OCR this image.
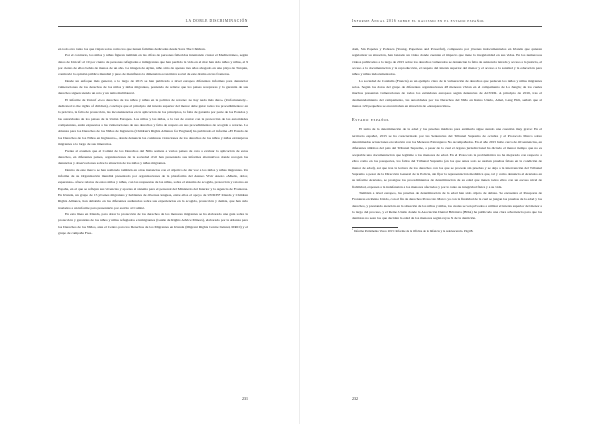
LA DOBLE DISCRIMINACIÓN

en todo otro tanto los que viajan solos como los que tienen familias dedicadas desde Save The Children.

Por el contrario, los niños y niñas figuran también en las cifras de personas fallecidas intentando cruzar el Mediterráneo, según datos de Unicef: el 19 por ciento de personas refugiadas e inmigrantes que han perdido la vida en el mar han sido niños y niñas, el 9 por ciento de ellos bebés de menos de un año. La imagen de Aylan, niño sirio de apenas tres años ahogado en una playa de Turquía, conmovió la opinión pública mundial y puso de manifiesto la dimensión económica social de este drama en las fronteras.

Desde un enfoque más general, a lo largo de 2015 se han publicado a nivel europeo diferentes informes para denunciar vulneraciones de los derechos de los niños y niñas migrantes, poniendo de relieve que los países receptores y la garantía de sus derechos siguen siendo un reto y un tema multilateral.

El informe de Unicef «Los derechos de los niños y niñas en la política de retorno: no hay nada más duro» (Unfortunately... dedicated to the rights of children), concluye que el principio del interés superior del menor debe guiar todos los procedimientos: en la práctica, la falta de protección, las inconsistencias en la aplicación de los principios, la falta de garantía por parte de los Estados y las autoridades de los países de la Unión Europea. Los niños y las niñas, a la vez de contar con la protección de las autoridades competentes, están expuestos a las vulneraciones de sus derechos y falta de respeto en sus procedimientos de acogida o retorno. La Alianza para los Derechos de los Niños de Inglaterra (Children's Rights Alliance for England) ha publicado el informe «El Estado de los Derechos de los Niños en Inglaterra», donde denuncia las continuas violaciones de los derechos de los niños y niñas extranjeros migrantes a lo largo de sus itinerarios.

Frente al examen que el Comité de los Derechos del Niño somete a varios países de cara a evaluar la aplicación de estos derechos, en diferentes países, organizaciones de la sociedad civil han presentado sus informes alternativos donde recogen las denuncias y observaciones sobre la situación de los niños y niñas migrantes.

Dentro de este marco se han realizado también en otras instancias con el objetivo de dar voz a los niños y niñas migrantes. Un informe de su Organización mundial presentado por organizaciones de la plataforma del Ateneo Vivir Anexo «Miedo, dolor, esperanza» ofrece relatos de estos niños y niñas, con las respuestas de las niñas, sobre el sistema de acogida, protección y retorno en España, en el que se reflejan sus vivencias y aportes al sistema para el personal del Ministerio del Interior y la Agencia de Fronteras. En Irlanda, un grupo de 15 jóvenes migrantes y hablantes de diversas lenguas, entre ellos el apoyo de UNICEF Irlanda y Children Rights Alliance, han debatido en las diferentes audiencias sobre sus experiencias en la acogida, protección y demás, que han sido traslados a un informe para presentarlo por escrito al Comité.

En esta línea en Irlanda, para dotar la protección de los derechos de los menores migrantes se ha elaborado una guía sobre la protección y garantías de los niños y niñas refugiados e inmigrantes (Guide de Rights Advice Minors), elaborado por la Alianza para los Derechos de los Niños, ante el Centro para los Derechos de los Migrantes en Irlanda (Migrant Rights Centre Ireland, MRCI) y el grupo de campaña Free-

231
Informe Anual 2016 sobre el racismo en el estado español

dom, Sin Papeles y Pobreza (Young, Paperless and Powerful), compuesto por jóvenes indocumentados en Irlanda que quieren regularizar su situación, han lanzado un vídeo donde cuentan el impacto que tiene la irregularidad en sus vidas. En los numerosos vídeos publicados a lo largo de 2015 sobre los derechos vulnerados se denuncian la falta de asistencia letrada y acceso a la justicia, el acceso a la documentación y la reproducción, el respeto del interés superior del menor y el acceso a la sanidad y la educación para niños y niñas indocumentados.

La sociedad de Cataluña (Francia) es un ejemplo claro de la vulneración de derechos que padecen los niños y niñas migrantes solos. Según los datos del grupo de diferentes organizaciones 48 menores vivían en el campamento de La Jungla; de los cuales muchos presentan vulneraciones de todos los estándares europeos según denuncias de ACNUR. A principio de 2016, tras el desmantelamiento del campamento, las autoridades por los Derechos del Niño en Reino Unido, Amal, Lang Ehli, señaló que al menos 129 pequeños se encontraban en situación de «desaparecidos».

Estado español

El tema de la determinación de la edad y las pruebas médicas para estimarla sigue siendo una cuestión muy grave: En el territorio español, 2015 se ha caracterizado por las Sentencias del Tribunal Supremo de octubre y el Protocolo Marco sobre determinadas actuaciones en relación con los Menores Extranjeros No Acompañados. En el año 2015 hubo cerca de 40 sentencias, en diferentes ámbitos del país del Tribunal Supremo, a pesar de lo cual el órgano jurisdiccional ha dictado el menor tiempo que no es aceptable una documentación que legitime a los menores de edad. En el Protocolo la problemática no ha mejorado con respecto a ellos como en los pasaportes, los fallos del Tribunal Supremo (en los que antes solo se usaban pruebas falsas en la condición de menor de edad), así que tras la lectura de los derechos con los que se procede sin pruebas y se deja a la intervención del Tribunal Supremo a pesar de la Dirección General de la Policía, sin fijar la representación mediática que, tal y como denuncia el Ararteko en su informe Ararteko, se prosigue los procedimientos de determinación de su edad que tienen todos ellos con un escaso nivel de fiabilidad, exponen a la indefensión a los menores afectados y por lo tanto su integridad física y a su vida.

También a nivel europeo, las pruebas de determinación de la edad han sido objeto de debate. Se encuentra el Pasaporte de Fronteras en Reino Unido, con el fin de derechos Protocolo Marco ya con la finalidad de la cual se juzgan las pruebas de la edad y los derechos, y prestando atención en la situación de los niños y niñas, los cuales se ven privados a utilizar el interés superior del menor a lo largo del proceso, y el Reino Unido donde la Asociación Dental Británica (BDA) ha publicado una clara advertencia para que los dentistas no sean los que decidan la edad de los menores según rayos X de la dentición.

$^1$ Informe Parlamento Vasco 2015: Informe de la Oficina de la Infancia y la Adolescencia. Pág.68.

232
